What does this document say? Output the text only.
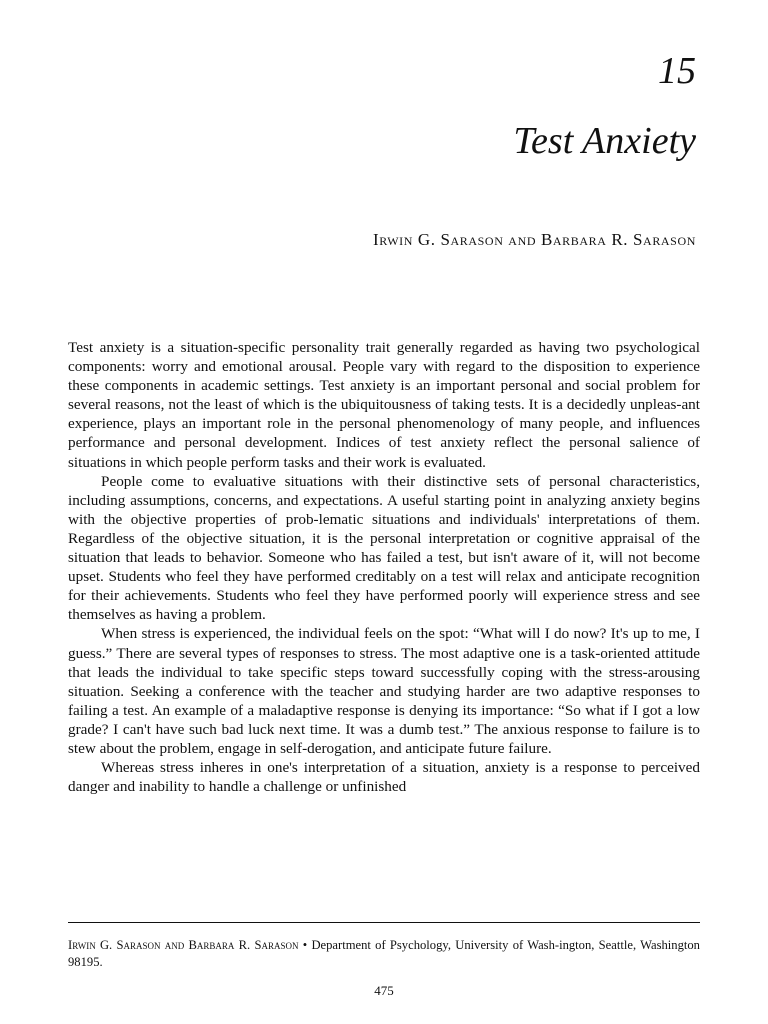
15
Test Anxiety
Irwin G. Sarason and Barbara R. Sarason

Test anxiety is a situation-specific personality trait generally regarded as having two psychological components: worry and emotional arousal. People vary with regard to the disposition to experience these components in academic settings. Test anxiety is an important personal and social problem for several reasons, not the least of which is the ubiquitousness of taking tests. It is a decidedly unpleas-ant experience, plays an important role in the personal phenomenology of many people, and influences performance and personal development. Indices of test anxiety reflect the personal salience of situations in which people perform tasks and their work is evaluated.

People come to evaluative situations with their distinctive sets of personal characteristics, including assumptions, concerns, and expectations. A useful starting point in analyzing anxiety begins with the objective properties of prob-lematic situations and individuals' interpretations of them. Regardless of the objective situation, it is the personal interpretation or cognitive appraisal of the situation that leads to behavior. Someone who has failed a test, but isn't aware of it, will not become upset. Students who feel they have performed creditably on a test will relax and anticipate recognition for their achievements. Students who feel they have performed poorly will experience stress and see themselves as having a problem.

When stress is experienced, the individual feels on the spot: “What will I do now? It's up to me, I guess.” There are several types of responses to stress. The most adaptive one is a task-oriented attitude that leads the individual to take specific steps toward successfully coping with the stress-arousing situation. Seeking a conference with the teacher and studying harder are two adaptive responses to failing a test. An example of a maladaptive response is denying its importance: “So what if I got a low grade? I can't have such bad luck next time. It was a dumb test.” The anxious response to failure is to stew about the problem, engage in self-derogation, and anticipate future failure.

Whereas stress inheres in one's interpretation of a situation, anxiety is a response to perceived danger and inability to handle a challenge or unfinished

Irwin G. Sarason and Barbara R. Sarason • Department of Psychology, University of Wash-ington, Seattle, Washington 98195.
475
